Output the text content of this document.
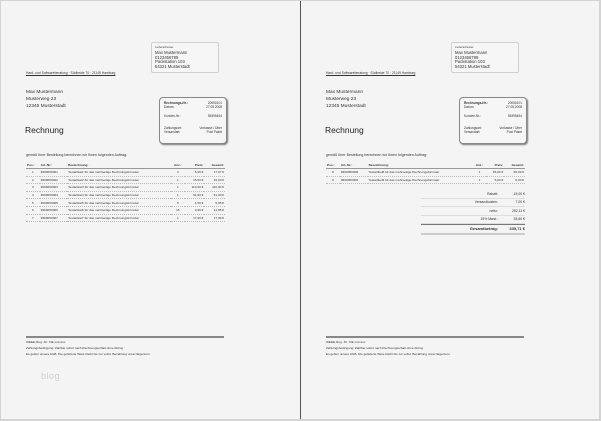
Hard- und Softwareberatung · Südheide 70 · 21149 Hamburg
Lieferadresse:
Max Mustermann
0123456789
Packstation 103
54321 Musterstadt
Max Mustermann
Musterweg 23
12345 Musterstadt
Rechnung
Rechnungs-Nr.:	20050101
Datum:	27.05.2008
Kunden-Nr.:	55395454
Zahlungsart:	Vorkasse / Über
Versandart:	Post Paket
gemäß Ihrer Bestellung berechnen wir Ihnen folgenden Auftrag:
Pos.:	Art.-Nr.:	Bezeichnung:	Anz.:	Preis:	Gesamt:
1	9900050001	Testartikel1 für das mehrseitige Rechnungsformular	3	5,99 €	17,97 €
2	9900050002	Testartikel2 für das mehrseitige Rechnungsformular	1	15,00 €	15,00 €
3	9900050003	Testartikel3 für das mehrseitige Rechnungsformular	1	110,00 €	110,00 €
4	9900050004	Testartikel4 für das mehrseitige Rechnungsformular	1	51,00 €	51,00 €
5	9900050005	Testartikel5 für das mehrseitige Rechnungsformular	5	1,59 €	5,95 €
6	9900050006	Testartikel6 für das mehrseitige Rechnungsformular	15	0,99 €	14,85 €
7	9900050007	Testartikel7 für das mehrseitige Rechnungsformular	1	17,99 €	17,99 €
WEEE-Reg.-Nr.: DE xxxxxxx
Zahlungsbedingung: Zahlbar sofort nach Rechnungserhalt ohne Abzug
Es gelten unsere AGB. Die gelieferte Ware bleibt bis zur vollst. Bezahlung unser Eigentum.
blog
Hard- und Softwareberatung · Südheide 70 · 21149 Hamburg
Lieferadresse:
Max Mustermann
0123456789
Packstation 103
54321 Musterstadt
Max Mustermann
Musterweg 23
12345 Musterstadt
Rechnung
Rechnungs-Nr.:	20050101
Datum:	27.05.2008
Kunden-Nr.:	55395454
Zahlungsart:	Vorkasse / Über
Versandart:	Post Paket
gemäß Ihrer Bestellung berechnen wir Ihnen folgenden Auftrag:
Pos.:	Art.-Nr.:	Bezeichnung:	Anz.:	Preis:	Gesamt:
8	9900050008	Testartikel8 für das mehrseitige Rechnungsformular	1	65,99 €	65,99 €
9	9900050009	Testartikel9 für das mehrseitige Rechnungsformular	1	5,00 €	5,00 €
Rabatt:	-15,00 €
Versandkosten:	7,00 €
netto:	282,11 €
19% Mwst.:	53,60 €
Gesamtbetrag:	335,71 €
WEEE-Reg.-Nr.: DE xxxxxxx
Zahlungsbedingung: Zahlbar sofort nach Rechnungserhalt ohne Abzug
Es gelten unsere AGB. Die gelieferte Ware bleibt bis zur vollst. Bezahlung unser Eigentum.
